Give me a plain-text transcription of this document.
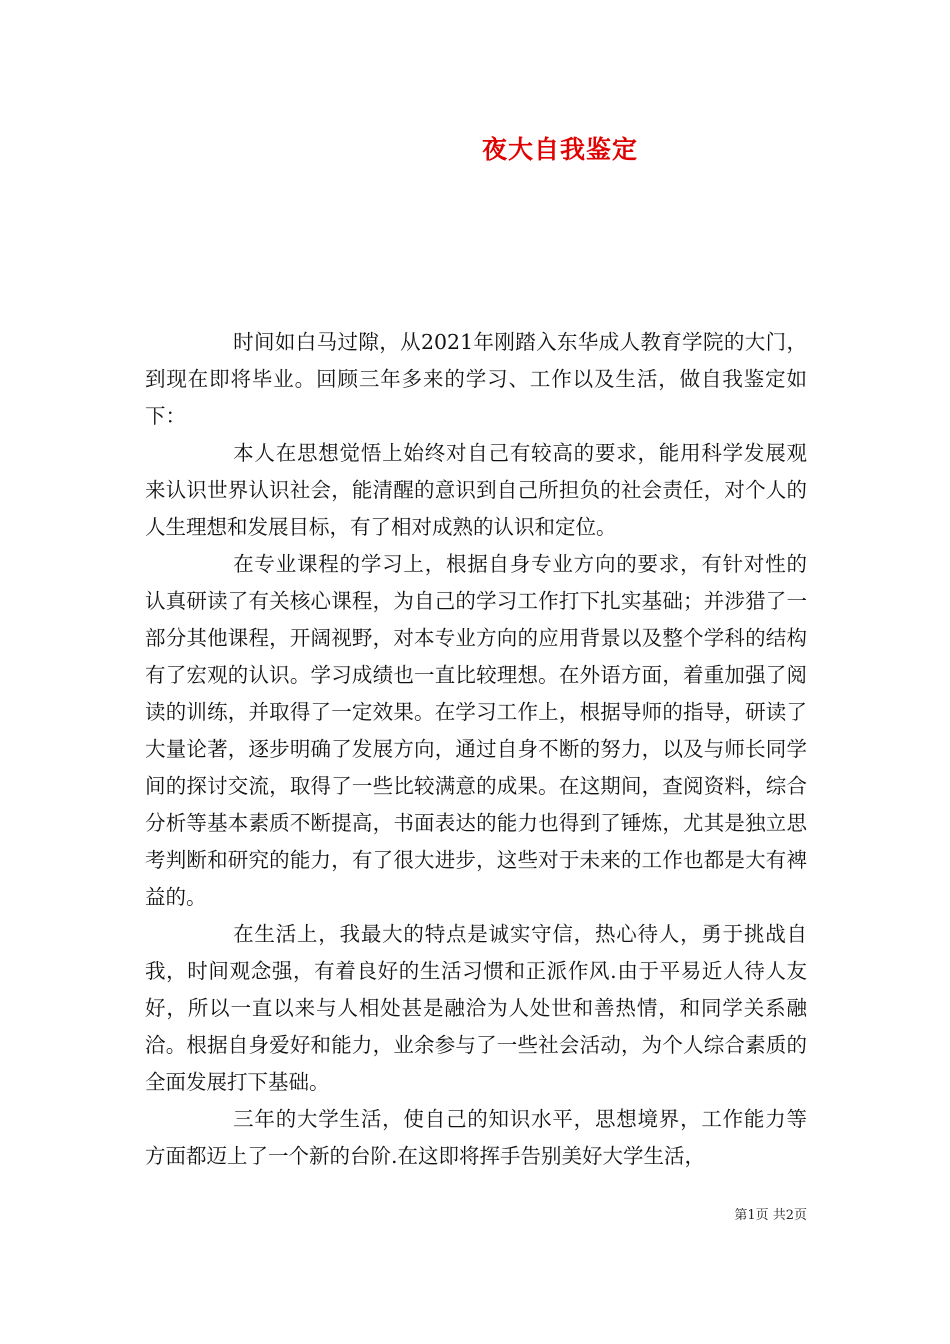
夜大自我鉴定

时间如白马过隙，从2021年刚踏入东华成人教育学院的大门，到现在即将毕业。回顾三年多来的学习、工作以及生活，做自我鉴定如下：

本人在思想觉悟上始终对自己有较高的要求，能用科学发展观来认识世界认识社会，能清醒的意识到自己所担负的社会责任，对个人的人生理想和发展目标，有了相对成熟的认识和定位。

在专业课程的学习上，根据自身专业方向的要求，有针对性的认真研读了有关核心课程，为自己的学习工作打下扎实基础；并涉猎了一部分其他课程，开阔视野，对本专业方向的应用背景以及整个学科的结构有了宏观的认识。学习成绩也一直比较理想。在外语方面，着重加强了阅读的训练，并取得了一定效果。在学习工作上，根据导师的指导，研读了大量论著，逐步明确了发展方向，通过自身不断的努力，以及与师长同学间的探讨交流，取得了一些比较满意的成果。在这期间，查阅资料，综合分析等基本素质不断提高，书面表达的能力也得到了锤炼，尤其是独立思考判断和研究的能力，有了很大进步，这些对于未来的工作也都是大有裨益的。

在生活上，我最大的特点是诚实守信，热心待人，勇于挑战自我，时间观念强，有着良好的生活习惯和正派作风.由于平易近人待人友好，所以一直以来与人相处甚是融洽为人处世和善热情，和同学关系融洽。根据自身爱好和能力，业余参与了一些社会活动，为个人综合素质的全面发展打下基础。

三年的大学生活，使自己的知识水平，思想境界，工作能力等方面都迈上了一个新的台阶.在这即将挥手告别美好大学生活，

第1页 共2页
